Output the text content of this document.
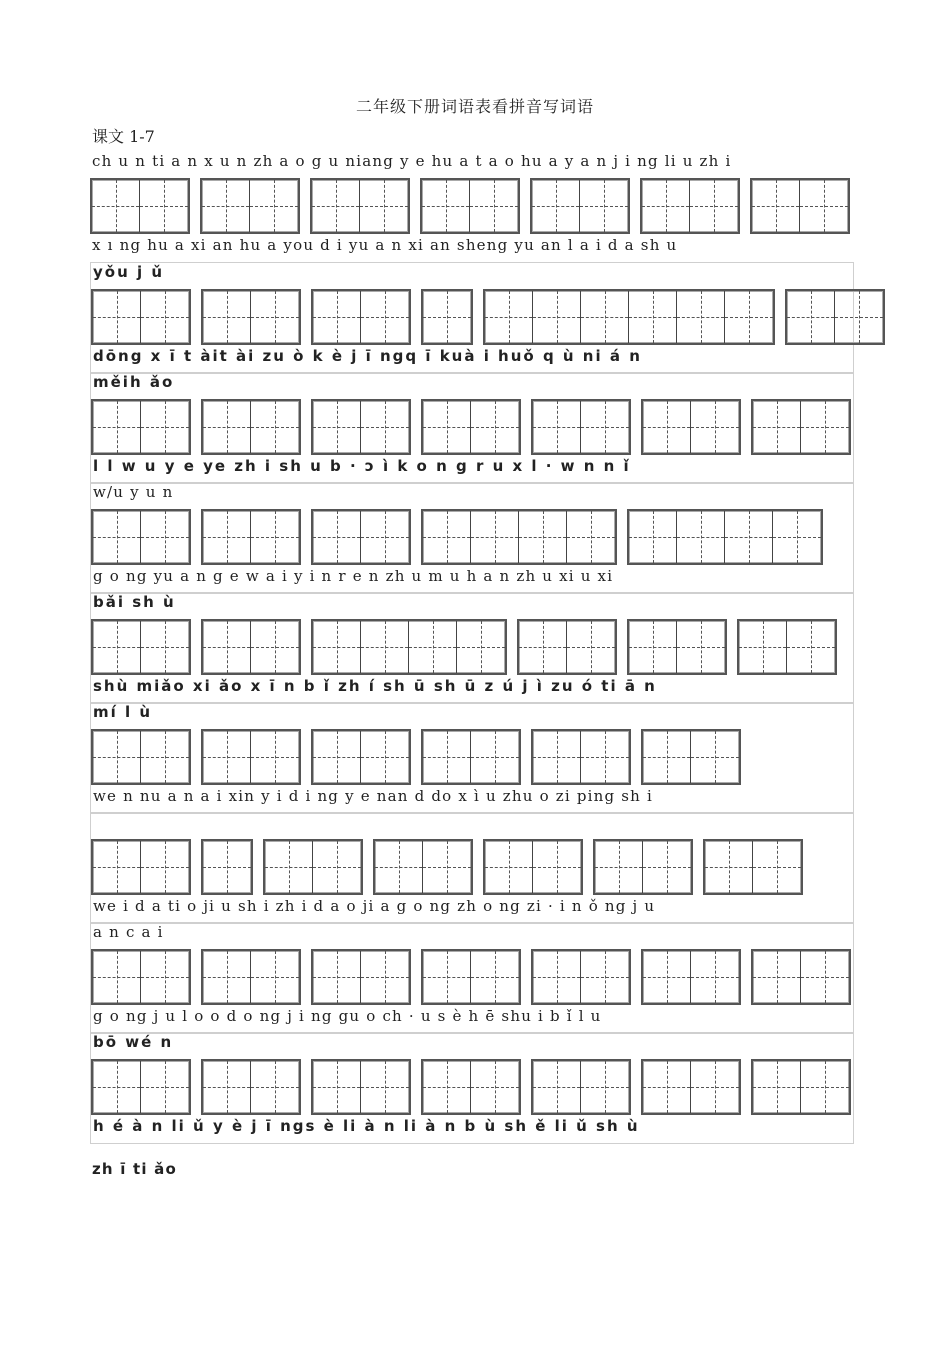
二年级下册词语表看拼音写词语
课文 1-7
ch u n ti a n x u n zh a o g u niang y e hu a t a o hu a y a n j i ng li u zh i
x ı ng hu a xi an hu a you d i yu a n xi an sheng yu an l a i d a sh u
yǒu j ǔ
dōng x ī t àit ài zu ò k è j ī ngq ī kuà i huǒ q ù ni á n
měih ǎo
l l w u y e ye zh i sh u b · ɔ ì k o n g r u x l · w n n ǐ
w/u y u n
g o ng yu a n g e w a i y i n r e n zh u m u h a n zh u xi u xi
bǎi sh ù
shù miǎo xi ǎo x ī n b ǐ zh í sh ū sh ū z ú j ì zu ó ti ā n
mí l ù
we n nu a n a i xin y i d i ng y e nan d do x ì u zhu o zi ping sh i
we i d a ti o ji u sh i zh i d a o ji a g o ng zh o ng zi · i n ǒ ng j u
a n c a i
g o ng j u l o o d o ng j i ng gu o ch · u s è h ē shu i b ǐ l u
bō wé n
h é à n li ǔ y è j ī ngs è li à n li à n b ù sh ě li ǔ sh ù
zh ī ti ǎo
